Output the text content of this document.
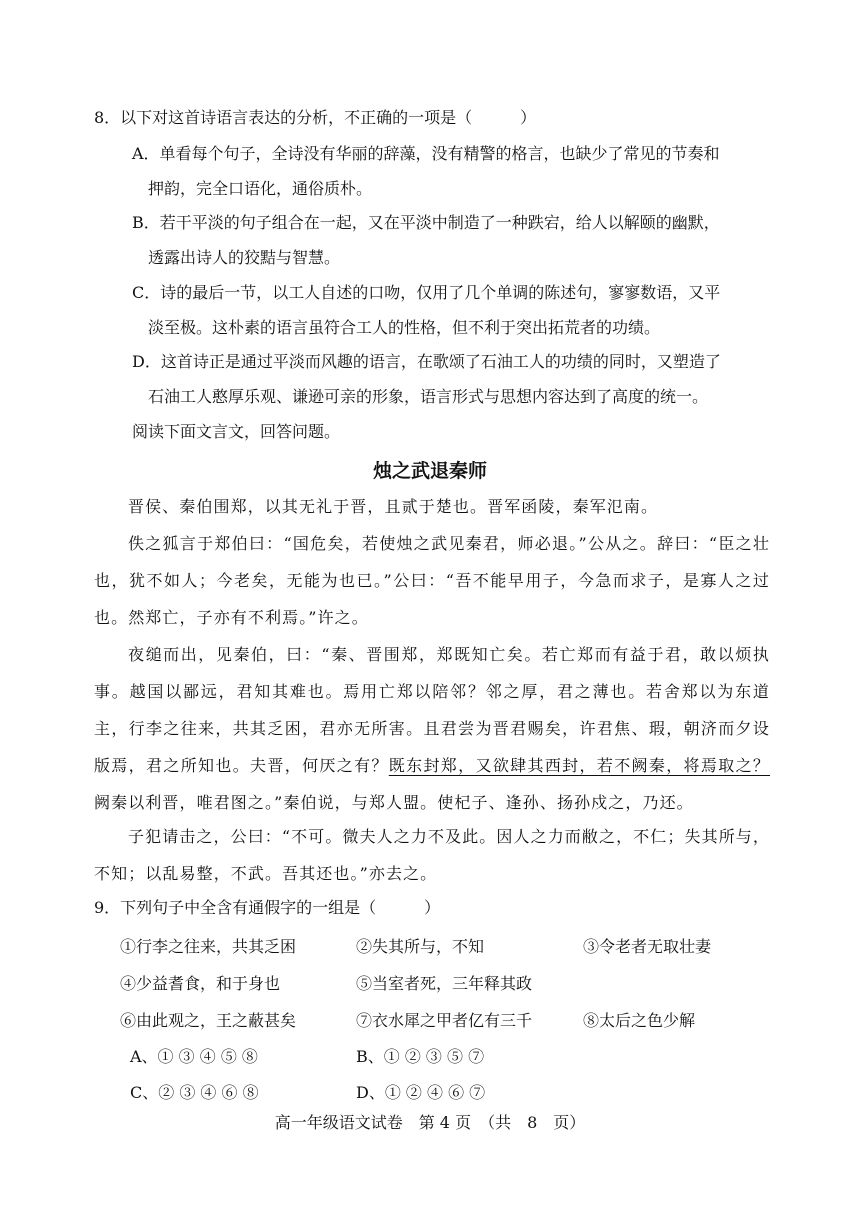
8．以下对这首诗语言表达的分析，不正确的一项是（　　　）
A．单看每个句子，全诗没有华丽的辞藻，没有精警的格言，也缺少了常见的节奏和
押韵，完全口语化，通俗质朴。
B．若干平淡的句子组合在一起，又在平淡中制造了一种跌宕，给人以解颐的幽默，
透露出诗人的狡黠与智慧。
C．诗的最后一节，以工人自述的口吻，仅用了几个单调的陈述句，寥寥数语，又平
淡至极。这朴素的语言虽符合工人的性格，但不利于突出拓荒者的功绩。
D．这首诗正是通过平淡而风趣的语言，在歌颂了石油工人的功绩的同时，又塑造了
石油工人憨厚乐观、谦逊可亲的形象，语言形式与思想内容达到了高度的统一。
阅读下面文言文，回答问题。
烛之武退秦师
晋侯、秦伯围郑，以其无礼于晋，且贰于楚也。晋军函陵，秦军氾南。
佚之狐言于郑伯曰：“国危矣，若使烛之武见秦君，师必退。”公从之。辞曰：“臣之壮也，犹不如人；今老矣，无能为也已。”公曰：“吾不能早用子，今急而求子，是寡人之过也。然郑亡，子亦有不利焉。”许之。
夜缒而出，见秦伯，曰：“秦、晋围郑，郑既知亡矣。若亡郑而有益于君，敢以烦执事。越国以鄙远，君知其难也。焉用亡郑以陪邻？邻之厚，君之薄也。若舍郑以为东道主，行李之往来，共其乏困，君亦无所害。且君尝为晋君赐矣，许君焦、瑕，朝济而夕设版焉，君之所知也。夫晋，何厌之有？既东封郑，又欲肆其西封，若不阙秦，将焉取之？阙秦以利晋，唯君图之。”秦伯说，与郑人盟。使杞子、逢孙、扬孙戍之，乃还。
子犯请击之，公曰：“不可。微夫人之力不及此。因人之力而敝之，不仁；失其所与，不知；以乱易整，不武。吾其还也。”亦去之。
9．下列句子中全含有通假字的一组是（　　　）
①行李之往来，共其乏困	②失其所与，不知	③令老者无取壮妻
④少益耆食，和于身也	⑤当室者死，三年释其政
⑥由此观之，王之蔽甚矣	⑦衣水犀之甲者亿有三千	⑧太后之色少解
A、① ③ ④ ⑤ ⑧	B、① ② ③ ⑤ ⑦
C、② ③ ④ ⑥ ⑧	D、① ② ④ ⑥ ⑦
高一年级语文试卷　第 4 页　（共　8　页）
